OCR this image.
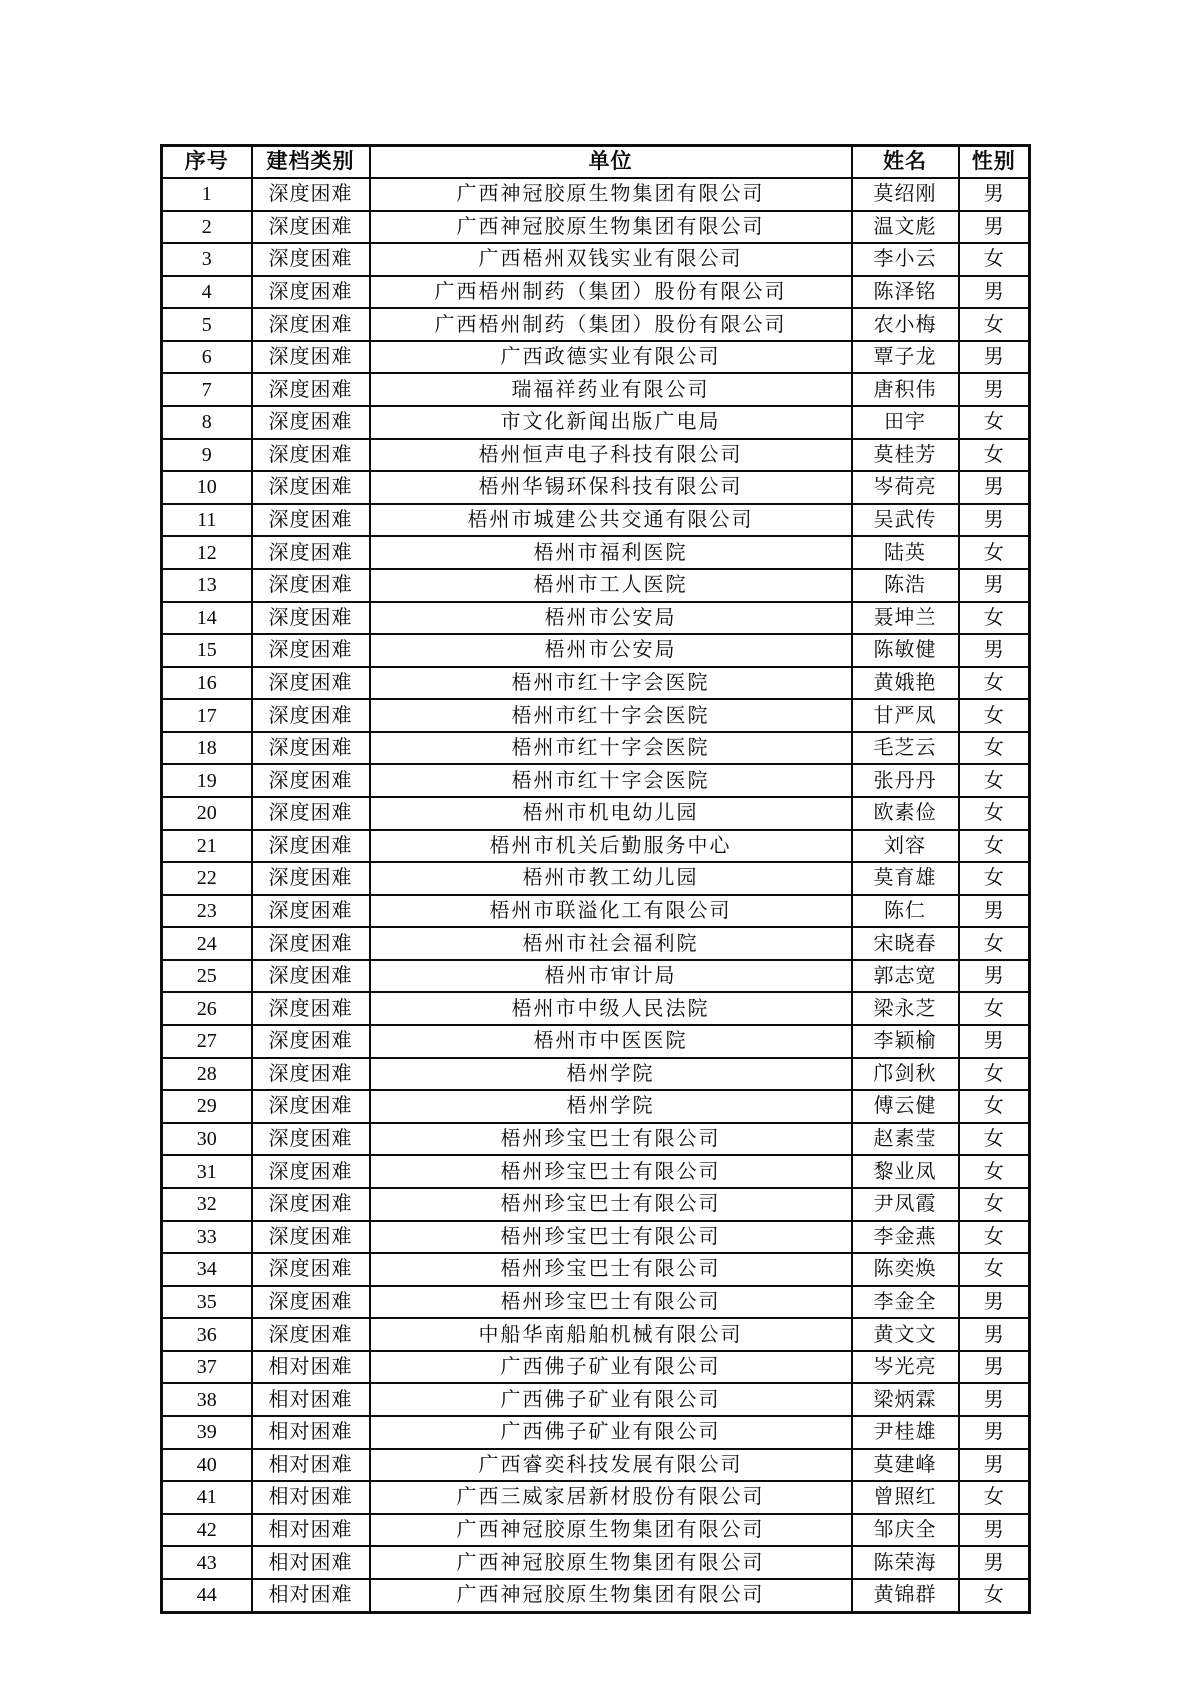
序号	建档类别	单位	姓名	性别
1	深度困难	广西神冠胶原生物集团有限公司	莫绍刚	男
2	深度困难	广西神冠胶原生物集团有限公司	温文彪	男
3	深度困难	广西梧州双钱实业有限公司	李小云	女
4	深度困难	广西梧州制药（集团）股份有限公司	陈泽铭	男
5	深度困难	广西梧州制药（集团）股份有限公司	农小梅	女
6	深度困难	广西政德实业有限公司	覃子龙	男
7	深度困难	瑞福祥药业有限公司	唐积伟	男
8	深度困难	市文化新闻出版广电局	田宇	女
9	深度困难	梧州恒声电子科技有限公司	莫桂芳	女
10	深度困难	梧州华锡环保科技有限公司	岑荷亮	男
11	深度困难	梧州市城建公共交通有限公司	吴武传	男
12	深度困难	梧州市福利医院	陆英	女
13	深度困难	梧州市工人医院	陈浩	男
14	深度困难	梧州市公安局	聂坤兰	女
15	深度困难	梧州市公安局	陈敏健	男
16	深度困难	梧州市红十字会医院	黄娥艳	女
17	深度困难	梧州市红十字会医院	甘严凤	女
18	深度困难	梧州市红十字会医院	毛芝云	女
19	深度困难	梧州市红十字会医院	张丹丹	女
20	深度困难	梧州市机电幼儿园	欧素俭	女
21	深度困难	梧州市机关后勤服务中心	刘容	女
22	深度困难	梧州市教工幼儿园	莫育雄	女
23	深度困难	梧州市联溢化工有限公司	陈仁	男
24	深度困难	梧州市社会福利院	宋晓春	女
25	深度困难	梧州市审计局	郭志宽	男
26	深度困难	梧州市中级人民法院	梁永芝	女
27	深度困难	梧州市中医医院	李颖榆	男
28	深度困难	梧州学院	邝剑秋	女
29	深度困难	梧州学院	傅云健	女
30	深度困难	梧州珍宝巴士有限公司	赵素莹	女
31	深度困难	梧州珍宝巴士有限公司	黎业凤	女
32	深度困难	梧州珍宝巴士有限公司	尹凤霞	女
33	深度困难	梧州珍宝巴士有限公司	李金燕	女
34	深度困难	梧州珍宝巴士有限公司	陈奕焕	女
35	深度困难	梧州珍宝巴士有限公司	李金全	男
36	深度困难	中船华南船舶机械有限公司	黄文文	男
37	相对困难	广西佛子矿业有限公司	岑光亮	男
38	相对困难	广西佛子矿业有限公司	梁炳霖	男
39	相对困难	广西佛子矿业有限公司	尹桂雄	男
40	相对困难	广西睿奕科技发展有限公司	莫建峰	男
41	相对困难	广西三威家居新材股份有限公司	曾照红	女
42	相对困难	广西神冠胶原生物集团有限公司	邹庆全	男
43	相对困难	广西神冠胶原生物集团有限公司	陈荣海	男
44	相对困难	广西神冠胶原生物集团有限公司	黄锦群	女
